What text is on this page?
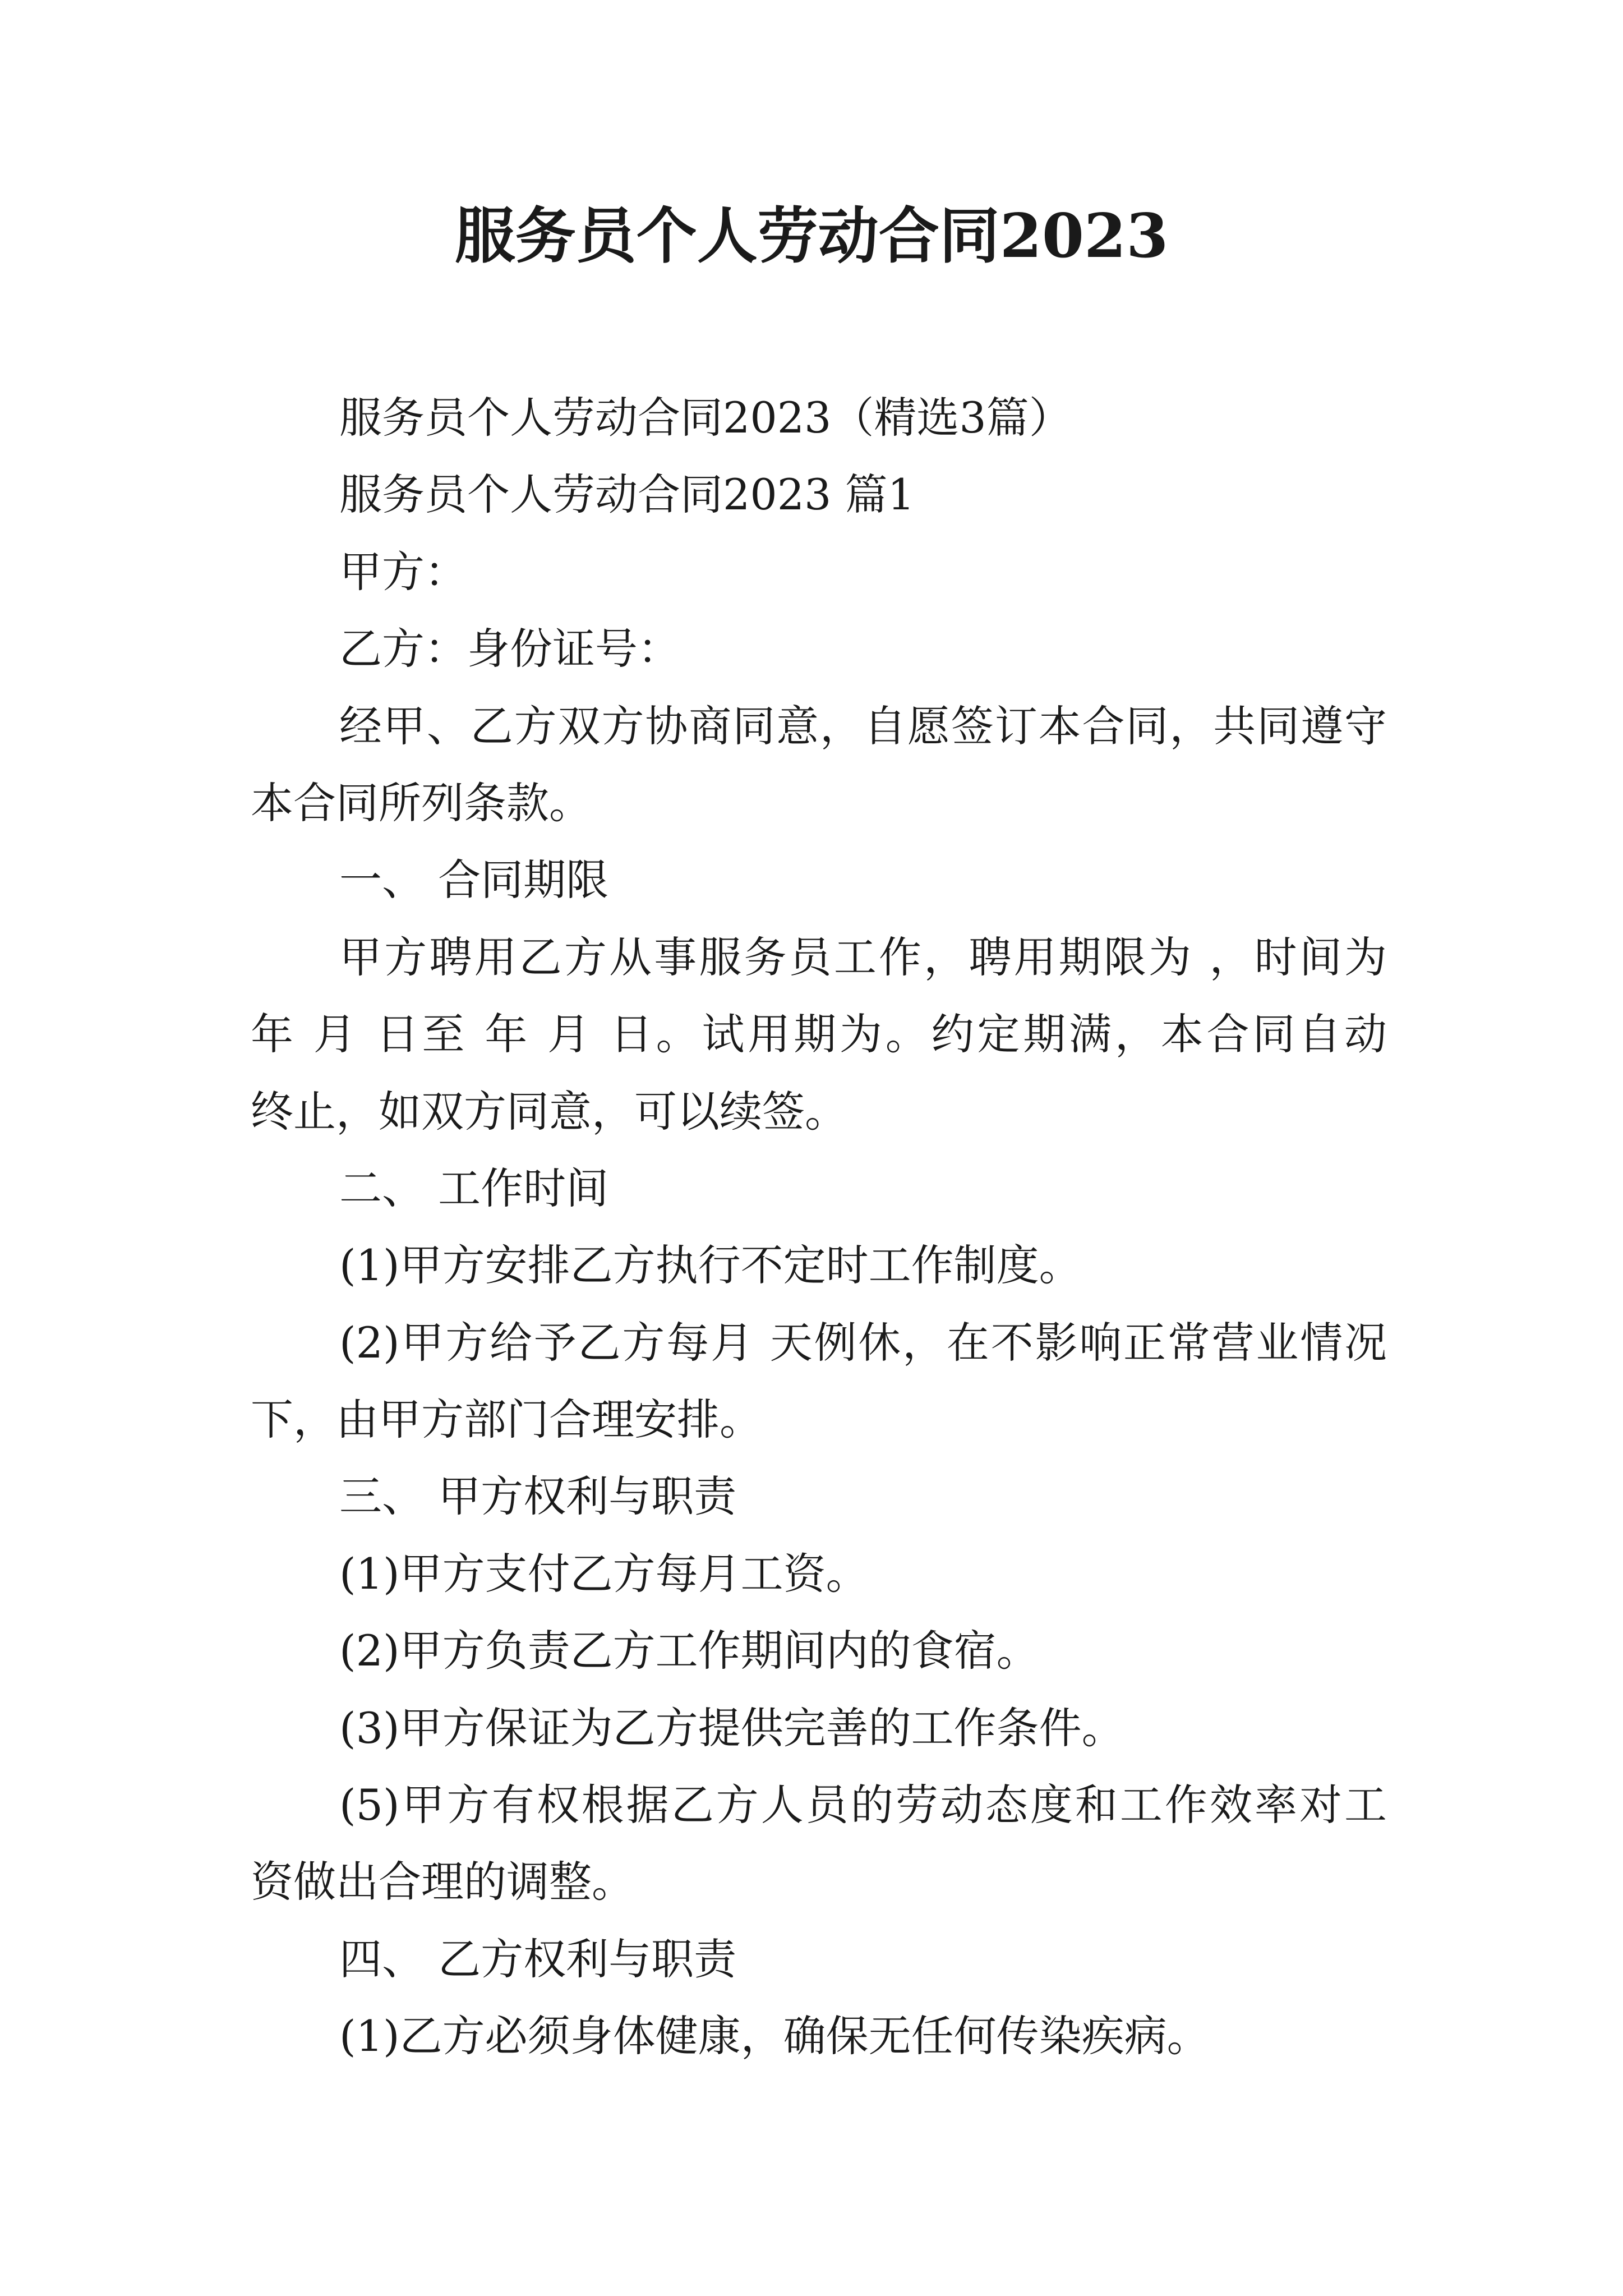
服务员个人劳动合同2023
服务员个人劳动合同2023（精选3篇）
服务员个人劳动合同2023 篇1
甲方：
乙方：身份证号：
经甲、乙方双方协商同意，自愿签订本合同，共同遵守
本合同所列条款。
一、 合同期限
甲方聘用乙方从事服务员工作，聘用期限为 ，时间为
年 月 日至 年 月 日。试用期为。约定期满，本合同自动
终止，如双方同意，可以续签。
二、 工作时间
(1)甲方安排乙方执行不定时工作制度。
(2)甲方给予乙方每月 天例休，在不影响正常营业情况
下，由甲方部门合理安排。
三、 甲方权利与职责
(1)甲方支付乙方每月工资。
(2)甲方负责乙方工作期间内的食宿。
(3)甲方保证为乙方提供完善的工作条件。
(5)甲方有权根据乙方人员的劳动态度和工作效率对工
资做出合理的调整。
四、 乙方权利与职责
(1)乙方必须身体健康，确保无任何传染疾病。
